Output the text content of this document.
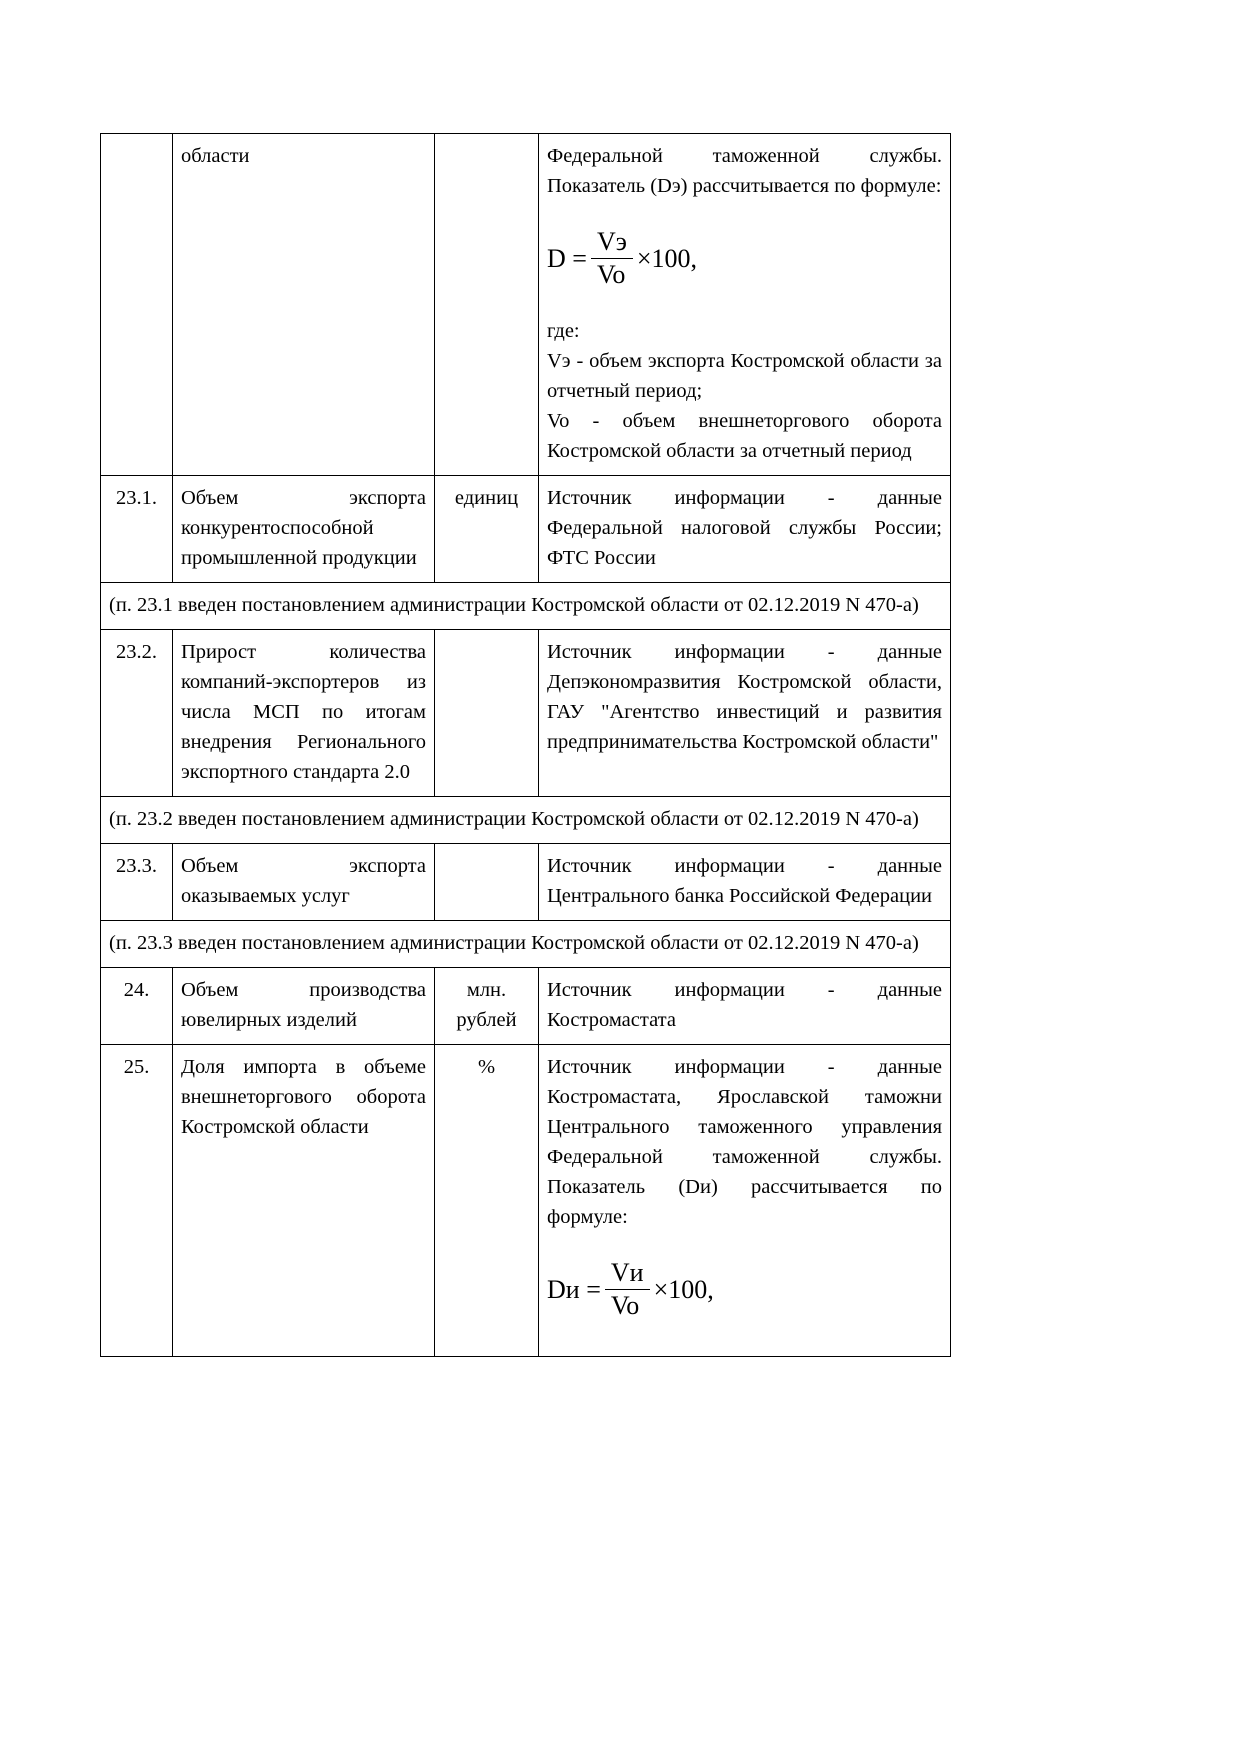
области		Федеральной таможенной службы. Показатель (Dэ) рассчитывается по формуле:

$D = \frac{Vэ}{Vo} \times 100$,

где:

Vэ - объем экспорта Костромской области за отчетный период;

Vo - объем внешнеторгового оборота Костромской области за отчетный период

23.1.	Объем экспорта конкурентоспособной промышленной продукции	единиц	Источник информации - данные Федеральной налоговой службы России; ФТС России

(п. 23.1 введен постановлением администрации Костромской области от 02.12.2019 N 470-а)			

23.2.	Прирост количества компаний-экспортеров из числа МСП по итогам внедрения Регионального экспортного стандарта 2.0		Источник информации - данные Депэкономразвития Костромской области, ГАУ "Агентство инвестиций и развития предпринимательства Костромской области"

(п. 23.2 введен постановлением администрации Костромской области от 02.12.2019 N 470-а)			

23.3.	Объем экспорта оказываемых услуг		Источник информации - данные Центрального банка Российской Федерации

(п. 23.3 введен постановлением администрации Костромской области от 02.12.2019 N 470-а)			

24.	Объем производства ювелирных изделий	млн. рублей	Источник информации - данные Костромастата

25.	Доля импорта в объеме внешнеторгового оборота Костромской области	%	Источник информации - данные Костромастата, Ярославской таможни Центрального таможенного управления Федеральной таможенной службы. Показатель (Dи) рассчитывается по формуле:

Dи = $\frac{Vи}{Vo} \times 100$,
